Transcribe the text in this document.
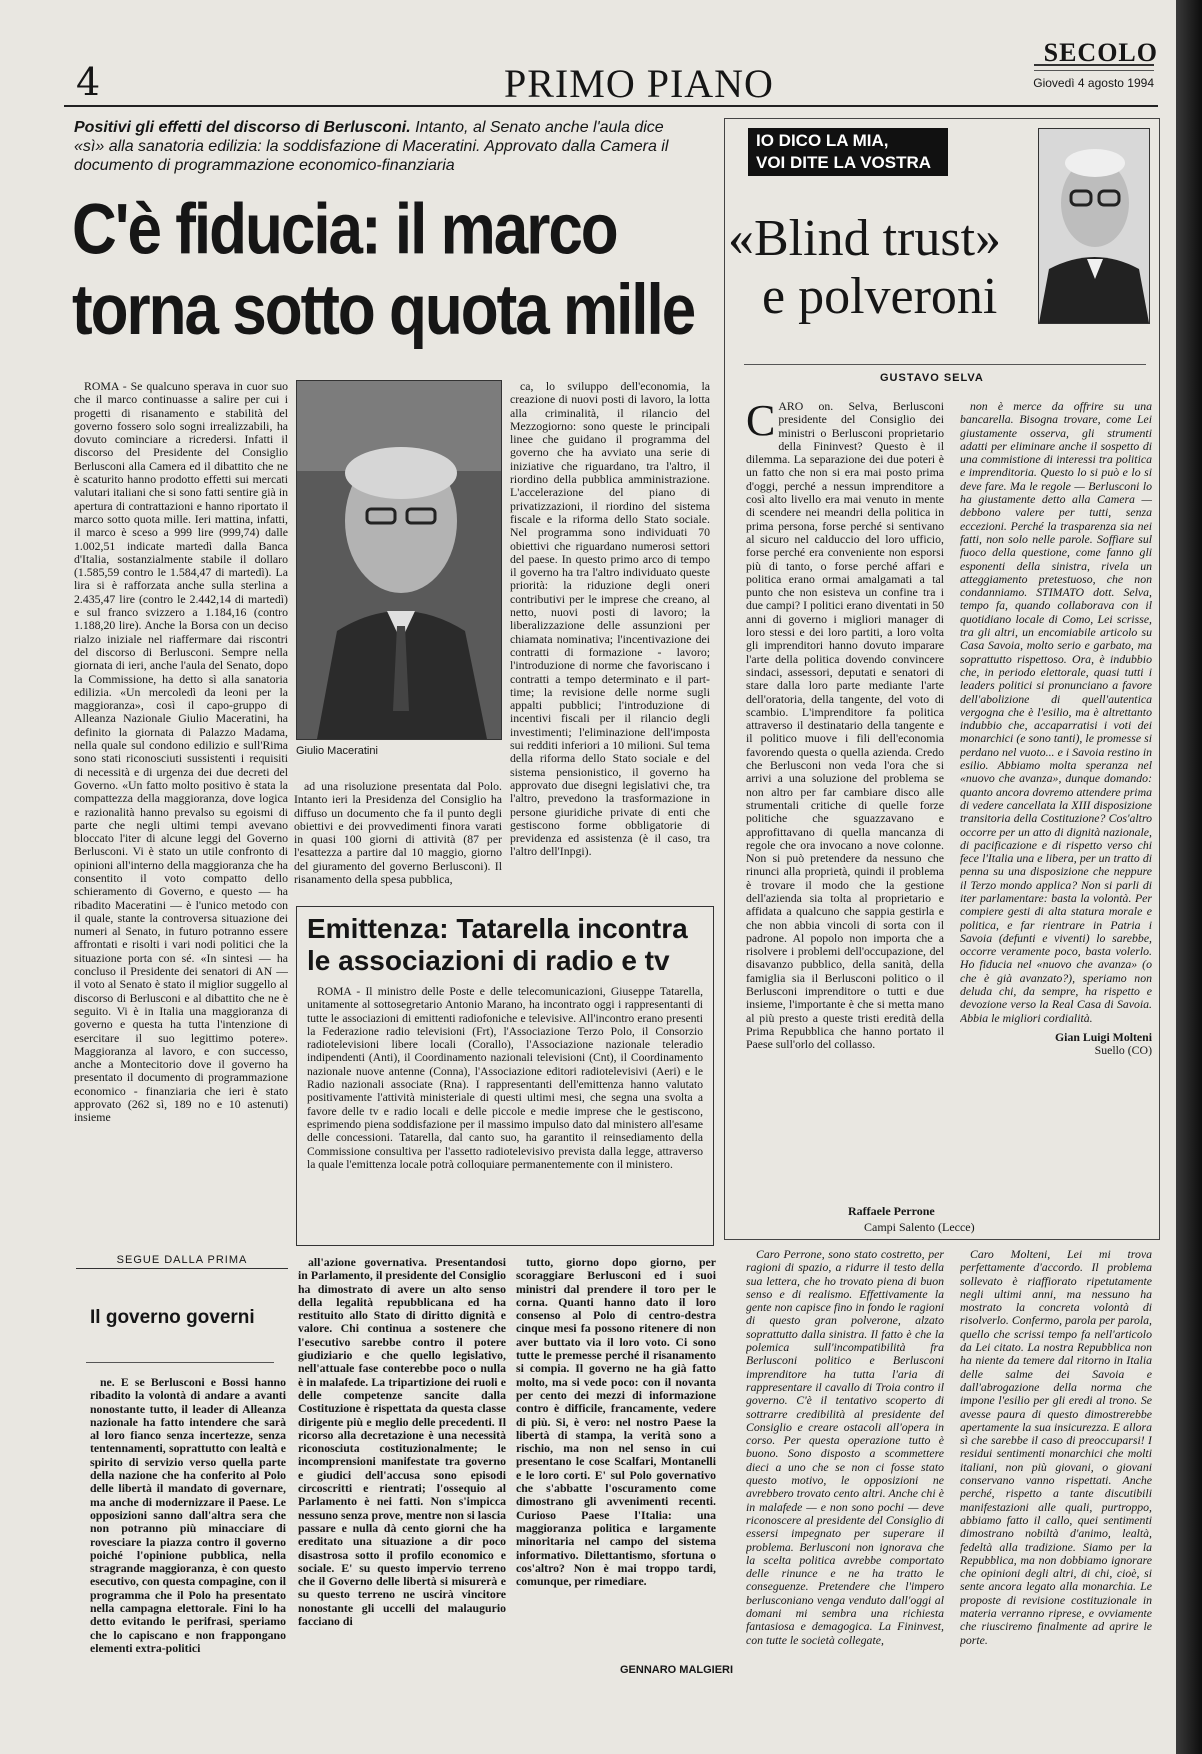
4	PRIMO PIANO
SECOLO
Giovedì 4 agosto 1994
Positivi gli effetti del discorso di Berlusconi. Intanto, al Senato anche l'aula dice «sì» alla sanatoria edilizia: la soddisfazione di Maceratini. Approvato dalla Camera il documento di programmazione economico-finanziaria
C'è fiducia: il marco
torna sotto quota mille

ROMA - Se qualcuno sperava in cuor suo che il marco continuasse a salire per cui i progetti di risanamento e stabilità del governo fossero solo sogni irrealizzabili, ha dovuto cominciare a ricredersi. Infatti il discorso del Presidente del Consiglio Berlusconi alla Camera ed il dibattito che ne è scaturito hanno prodotto effetti sui mercati valutari italiani che si sono fatti sentire già in apertura di contrattazioni e hanno riportato il marco sotto quota mille. Ieri mattina, infatti, il marco è sceso a 999 lire (999,74) dalle 1.002,51 indicate martedì dalla Banca d'Italia, sostanzialmente stabile il dollaro (1.585,59 contro le 1.584,47 di martedì). La lira si è rafforzata anche sulla sterlina a 2.435,47 lire (contro le 2.442,14 di martedì) e sul franco svizzero a 1.184,16 (contro 1.188,20 lire). Anche la Borsa con un deciso rialzo iniziale nel riaffermare dai riscontri del discorso di Berlusconi. Sempre nella giornata di ieri, anche l'aula del Senato, dopo la Commissione, ha detto sì alla sanatoria edilizia. «Un mercoledì da leoni per la maggioranza», così il capo-gruppo di Alleanza Nazionale Giulio Maceratini, ha definito la giornata di Palazzo Madama, nella quale sul condono edilizio e sull'Rima sono stati riconosciuti sussistenti i requisiti di necessità e di urgenza dei due decreti del Governo. «Un fatto molto positivo è stata la compattezza della maggioranza, dove logica e razionalità hanno prevalso su egoismi di parte che negli ultimi tempi avevano bloccato l'iter di alcune leggi del Governo Berlusconi. Vi è stato un utile confronto di opinioni all'interno della maggioranza che ha consentito il voto compatto dello schieramento di Governo, e questo — ha ribadito Maceratini — è l'unico metodo con il quale, stante la controversa situazione dei numeri al Senato, in futuro potranno essere affrontati e risolti i vari nodi politici che la situazione porta con sé. «In sintesi — ha concluso il Presidente dei senatori di AN — il voto al Senato è stato il miglior suggello al discorso di Berlusconi e al dibattito che ne è seguito. Vi è in Italia una maggioranza di governo e questa ha tutta l'intenzione di esercitare il suo legittimo potere». Maggioranza al lavoro, e con successo, anche a Montecitorio dove il governo ha presentato il documento di programmazione economico - finanziaria che ieri è stato approvato (262 sì, 189 no e 10 astenuti) insieme

Giulio Maceratini

ad una risoluzione presentata dal Polo. Intanto ieri la Presidenza del Consiglio ha diffuso un documento che fa il punto degli obiettivi e dei provvedimenti finora varati in quasi 100 giorni di attività (87 per l'esattezza a partire dal 10 maggio, giorno del giuramento del governo Berlusconi). Il risanamento della spesa pubblica,

ca, lo sviluppo dell'economia, la creazione di nuovi posti di lavoro, la lotta alla criminalità, il rilancio del Mezzogiorno: sono queste le principali linee che guidano il programma del governo che ha avviato una serie di iniziative che riguardano, tra l'altro, il riordino della pubblica amministrazione. L'accelerazione del piano di privatizzazioni, il riordino del sistema fiscale e la riforma dello Stato sociale. Nel programma sono individuati 70 obiettivi che riguardano numerosi settori del paese. In questo primo arco di tempo il governo ha tra l'altro individuato queste priorità: la riduzione degli oneri contributivi per le imprese che creano, al netto, nuovi posti di lavoro; la liberalizzazione delle assunzioni per chiamata nominativa; l'incentivazione dei contratti di formazione - lavoro; l'introduzione di norme che favoriscano i contratti a tempo determinato e il part-time; la revisione delle norme sugli appalti pubblici; l'introduzione di incentivi fiscali per il rilancio degli investimenti; l'eliminazione dell'imposta sui redditi inferiori a 10 milioni. Sul tema della riforma dello Stato sociale e del sistema pensionistico, il governo ha approvato due disegni legislativi che, tra l'altro, prevedono la trasformazione in persone giuridiche private di enti che gestiscono forme obbligatorie di previdenza ed assistenza (è il caso, tra l'altro dell'Inpgi).

Emittenza: Tatarella incontra le associazioni di radio e tv

ROMA - Il ministro delle Poste e delle telecomunicazioni, Giuseppe Tatarella, unitamente al sottosegretario Antonio Marano, ha incontrato oggi i rappresentanti di tutte le associazioni di emittenti radiofoniche e televisive. All'incontro erano presenti la Federazione radio televisioni (Frt), l'Associazione Terzo Polo, il Consorzio radiotelevisioni libere locali (Corallo), l'Associazione nazionale teleradio indipendenti (Anti), il Coordinamento nazionali televisioni (Cnt), il Coordinamento nazionale nuove antenne (Conna), l'Associazione editori radiotelevisivi (Aeri) e le Radio nazionali associate (Rna). I rappresentanti dell'emittenza hanno valutato positivamente l'attività ministeriale di questi ultimi mesi, che segna una svolta a favore delle tv e radio locali e delle piccole e medie imprese che le gestiscono, esprimendo piena soddisfazione per il massimo impulso dato dal ministero all'esame delle concessioni. Tatarella, dal canto suo, ha garantito il reinsediamento della Commissione consultiva per l'assetto radiotelevisivo prevista dalla legge, attraverso la quale l'emittenza locale potrà colloquiare permanentemente con il ministero.

IO DICO LA MIA,
VOI DITE LA VOSTRA
«Blind trust»
e polveroni
GUSTAVO SELVA
CARO on. Selva, Berlusconi presidente del Consiglio dei ministri o Berlusconi proprietario della Fininvest? Questo è il dilemma. La separazione dei due poteri è un fatto che non si era mai posto prima d'oggi, perché a nessun imprenditore a così alto livello era mai venuto in mente di scendere nei meandri della politica in prima persona, forse perché si sentivano al sicuro nel calduccio del loro ufficio, forse perché era conveniente non esporsi più di tanto, o forse perché affari e politica erano ormai amalgamati a tal punto che non esisteva un confine tra i due campi? I politici erano diventati in 50 anni di governo i migliori manager di loro stessi e dei loro partiti, a loro volta gli imprenditori hanno dovuto imparare l'arte della politica dovendo convincere sindaci, assessori, deputati e senatori di stare dalla loro parte mediante l'arte dell'oratoria, della tangente, del voto di scambio. L'imprenditore fa politica attraverso il destinatario della tangente e il politico muove i fili dell'economia favorendo questa o quella azienda. Credo che Berlusconi non veda l'ora che si arrivi a una soluzione del problema se non altro per far cambiare disco alle strumentali critiche di quelle forze politiche che sguazzavano e approfittavano di quella mancanza di regole che ora invocano a nove colonne. Non si può pretendere da nessuno che rinunci alla proprietà, quindi il problema è trovare il modo che la gestione dell'azienda sia tolta al proprietario e affidata a qualcuno che sappia gestirla e che non abbia vincoli di sorta con il padrone. Al popolo non importa che a risolvere i problemi dell'occupazione, del disavanzo pubblico, della sanità, della famiglia sia il Berlusconi politico o il Berlusconi imprenditore o tutti e due insieme, l'importante è che si metta mano al più presto a queste tristi eredità della Prima Repubblica che hanno portato il Paese sull'orlo del collasso.
Raffaele Perrone
Campi Salento (Lecce)

non è merce da offrire su una bancarella. Bisogna trovare, come Lei giustamente osserva, gli strumenti adatti per eliminare anche il sospetto di una commistione di interessi tra politica e imprenditoria. Questo lo si può e lo si deve fare. Ma le regole — Berlusconi lo ha giustamente detto alla Camera — debbono valere per tutti, senza eccezioni. Perché la trasparenza sia nei fatti, non solo nelle parole. Soffiare sul fuoco della questione, come fanno gli esponenti della sinistra, rivela un atteggiamento pretestuoso, che non condanniamo. STIMATO dott. Selva, tempo fa, quando collaborava con il quotidiano locale di Como, Lei scrisse, tra gli altri, un encomiabile articolo su Casa Savoia, molto serio e garbato, ma soprattutto rispettoso. Ora, è indubbio che, in periodo elettorale, quasi tutti i leaders politici si pronunciano a favore dell'abolizione di quell'autentica vergogna che è l'esilio, ma è altrettanto indubbio che, accaparratisi i voti dei monarchici (e sono tanti), le promesse si perdano nel vuoto... e i Savoia restino in esilio. Abbiamo molta speranza nel «nuovo che avanza», dunque domando: quanto ancora dovremo attendere prima di vedere cancellata la XIII disposizione transitoria della Costituzione? Cos'altro occorre per un atto di dignità nazionale, di pacificazione e di rispetto verso chi fece l'Italia una e libera, per un tratto di penna su una disposizione che neppure il Terzo mondo applica? Non si parli di iter parlamentare: basta la volontà. Per compiere gesti di alta statura morale e politica, e far rientrare in Patria i Savoia (defunti e viventi) lo sarebbe, occorre veramente poco, basta volerlo. Ho fiducia nel «nuovo che avanza» (o che è già avanzato?), speriamo non deluda chi, da sempre, ha rispetto e devozione verso la Real Casa di Savoia. Abbia le migliori cordialità.

Gian Luigi Molteni

Suello (CO)

SEGUE DALLA PRIMA
Il governo governi

ne. E se Berlusconi e Bossi hanno ribadito la volontà di andare a avanti nonostante tutto, il leader di Alleanza nazionale ha fatto intendere che sarà al loro fianco senza incertezze, senza tentennamenti, soprattutto con lealtà e spirito di servizio verso quella parte della nazione che ha conferito al Polo delle libertà il mandato di governare, ma anche di modernizzare il Paese. Le opposizioni sanno dall'altra sera che non potranno più minacciare di rovesciare la piazza contro il governo poiché l'opinione pubblica, nella stragrande maggioranza, è con questo esecutivo, con questa compagine, con il programma che il Polo ha presentato nella campagna elettorale. Fini lo ha detto evitando le perifrasi, speriamo che lo capiscano e non frappongano elementi extra-politici

all'azione governativa. Presentandosi in Parlamento, il presidente del Consiglio ha dimostrato di avere un alto senso della legalità repubblicana ed ha restituito allo Stato di diritto dignità e valore. Chi continua a sostenere che l'esecutivo sarebbe contro il potere giudiziario e che quello legislativo, nell'attuale fase conterebbe poco o nulla è in malafede. La tripartizione dei ruoli e delle competenze sancite dalla Costituzione è rispettata da questa classe dirigente più e meglio delle precedenti. Il ricorso alla decretazione è una necessità riconosciuta costituzionalmente; le incomprensioni manifestate tra governo e giudici dell'accusa sono episodi circoscritti e rientrati; l'ossequio al Parlamento è nei fatti. Non s'impicca nessuno senza prove, mentre non si lascia passare e nulla dà cento giorni che ha ereditato una situazione a dir poco disastrosa sotto il profilo economico e sociale. E' su questo impervio terreno che il Governo delle libertà si misurerà e su questo terreno ne uscirà vincitore nonostante gli uccelli del malaugurio facciano di

tutto, giorno dopo giorno, per scoraggiare Berlusconi ed i suoi ministri dal prendere il toro per le corna. Quanti hanno dato il loro consenso al Polo di centro-destra cinque mesi fa possono ritenere di non aver buttato via il loro voto. Ci sono tutte le premesse perché il risanamento si compia. Il governo ne ha già fatto molto, ma si vede poco: con il novanta per cento dei mezzi di informazione contro è difficile, francamente, vedere di più. Si, è vero: nel nostro Paese la libertà di stampa, la verità sono a rischio, ma non nel senso in cui presentano le cose Scalfari, Montanelli e le loro corti. E' sul Polo governativo che s'abbatte l'oscuramento come dimostrano gli avvenimenti recenti. Curioso Paese l'Italia: una maggioranza politica e largamente minoritaria nel campo del sistema informativo. Dilettantismo, sfortuna o cos'altro? Non è mai troppo tardi, comunque, per rimediare.

GENNARO MALGIERI

Caro Perrone, sono stato costretto, per ragioni di spazio, a ridurre il testo della sua lettera, che ho trovato piena di buon senso e di realismo. Effettivamente la gente non capisce fino in fondo le ragioni di questo gran polverone, alzato soprattutto dalla sinistra. Il fatto è che la polemica sull'incompatibilità fra Berlusconi politico e Berlusconi imprenditore ha tutta l'aria di rappresentare il cavallo di Troia contro il governo. C'è il tentativo scoperto di sottrarre credibilità al presidente del Consiglio e creare ostacoli all'opera in corso. Per questa operazione tutto è buono. Sono disposto a scommettere dieci a uno che se non ci fosse stato questo motivo, le opposizioni ne avrebbero trovato cento altri. Anche chi è in malafede — e non sono pochi — deve riconoscere al presidente del Consiglio di essersi impegnato per superare il problema. Berlusconi non ignorava che la scelta politica avrebbe comportato delle rinunce e ne ha tratto le conseguenze. Pretendere che l'impero berlusconiano venga venduto dall'oggi al domani mi sembra una richiesta fantasiosa e demagogica. La Fininvest, con tutte le società collegate,

Caro Molteni, Lei mi trova perfettamente d'accordo. Il problema sollevato è riaffiorato ripetutamente negli ultimi anni, ma nessuno ha mostrato la concreta volontà di risolverlo. Confermo, parola per parola, quello che scrissi tempo fa nell'articolo da Lei citato. La nostra Repubblica non ha niente da temere dal ritorno in Italia delle salme dei Savoia e dall'abrogazione della norma che impone l'esilio per gli eredi al trono. Se avesse paura di questo dimostrerebbe apertamente la sua insicurezza. E allora sì che sarebbe il caso di preoccuparsi! I residui sentimenti monarchici che molti italiani, non più giovani, o giovani conservano vanno rispettati. Anche perché, rispetto a tante discutibili manifestazioni alle quali, purtroppo, abbiamo fatto il callo, quei sentimenti dimostrano nobiltà d'animo, lealtà, fedeltà alla tradizione. Siamo per la Repubblica, ma non dobbiamo ignorare che opinioni degli altri, di chi, cioè, si sente ancora legato alla monarchia. Le proposte di revisione costituzionale in materia verranno riprese, e ovviamente che riusciremo finalmente ad aprire le porte.
